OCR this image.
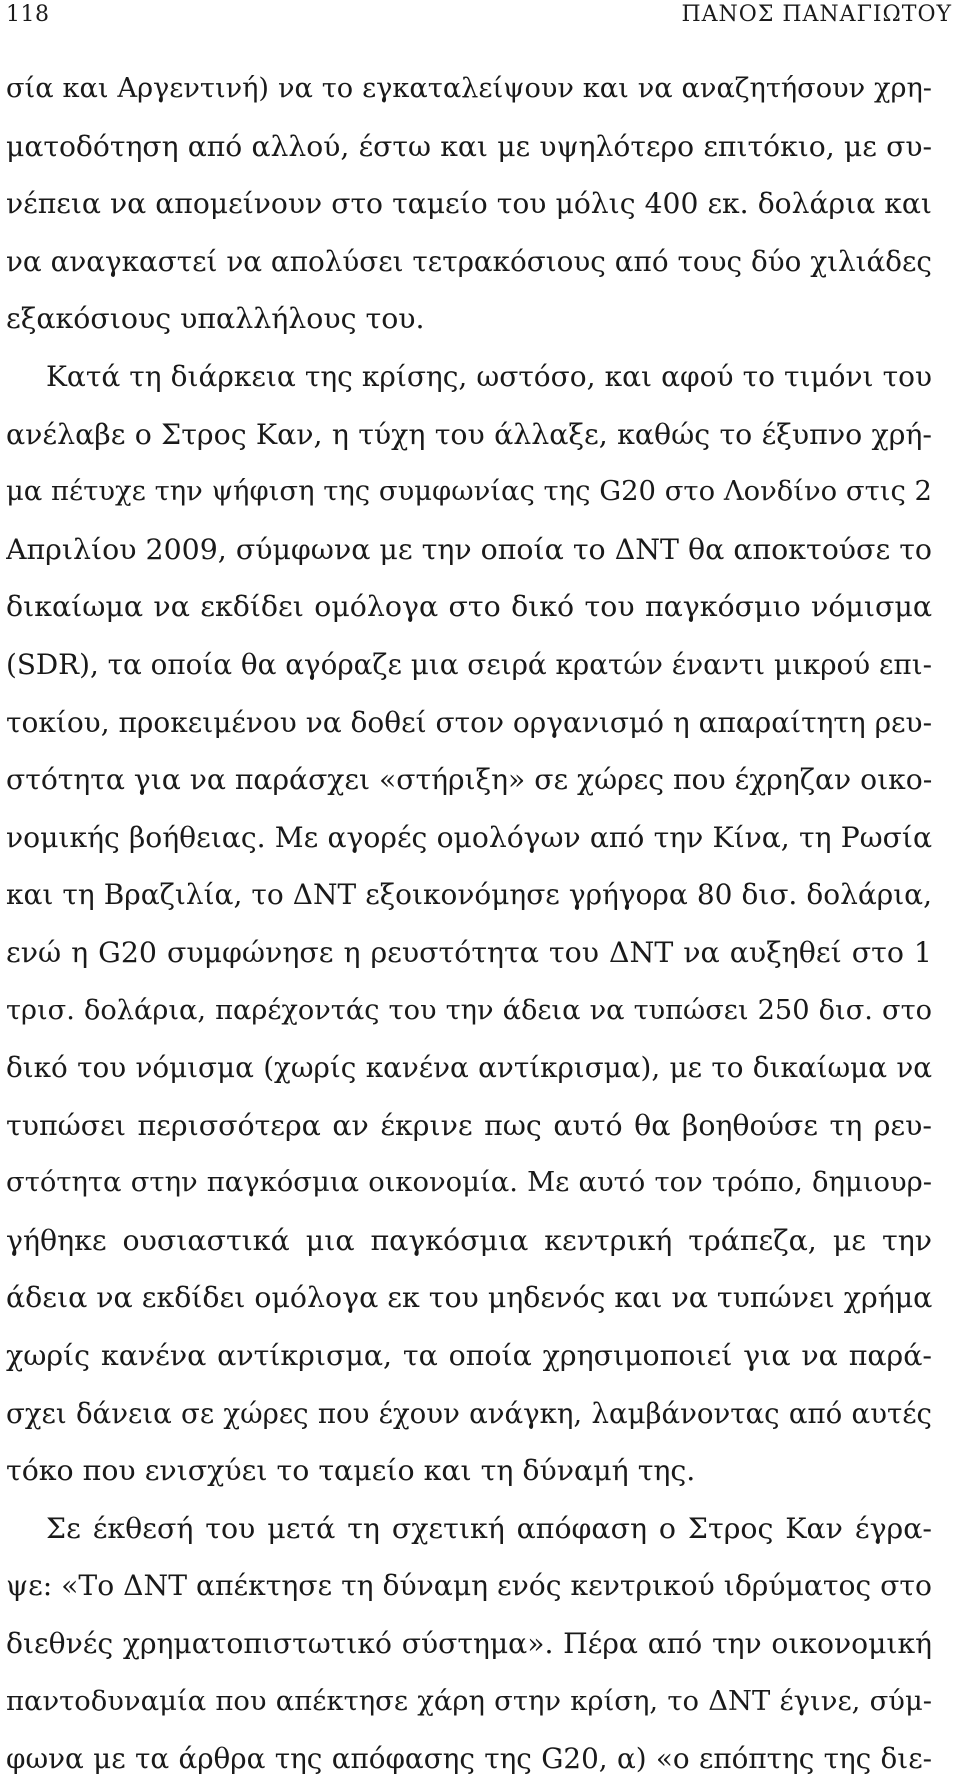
118	ΠΑΝΟΣ ΠΑΝΑΓΙΩΤΟΥ
σία και Αργεντινή) να το εγκαταλείψουν και να αναζητήσουν χρη-
ματοδότηση από αλλού, έστω και με υψηλότερο επιτόκιο, με συ-
νέπεια να απομείνουν στο ταμείο του μόλις 400 εκ. δολάρια και
να αναγκαστεί να απολύσει τετρακόσιους από τους δύο χιλιάδες
εξακόσιους υπαλλήλους του.
Κατά τη διάρκεια της κρίσης, ωστόσο, και αφού το τιμόνι του
ανέλαβε ο Στρος Καν, η τύχη του άλλαξε, καθώς το έξυπνο χρή-
μα πέτυχε την ψήφιση της συμφωνίας της G20 στο Λονδίνο στις 2
Απριλίου 2009, σύμφωνα με την οποία το ΔΝΤ θα αποκτούσε το
δικαίωμα να εκδίδει ομόλογα στο δικό του παγκόσμιο νόμισμα
(SDR), τα οποία θα αγόραζε μια σειρά κρατών έναντι μικρού επι-
τοκίου, προκειμένου να δοθεί στον οργανισμό η απαραίτητη ρευ-
στότητα για να παράσχει «στήριξη» σε χώρες που έχρηζαν οικο-
νομικής βοήθειας. Με αγορές ομολόγων από την Κίνα, τη Ρωσία
και τη Βραζιλία, το ΔΝΤ εξοικονόμησε γρήγορα 80 δισ. δολάρια,
ενώ η G20 συμφώνησε η ρευστότητα του ΔΝΤ να αυξηθεί στο 1
τρισ. δολάρια, παρέχοντάς του την άδεια να τυπώσει 250 δισ. στο
δικό του νόμισμα (χωρίς κανένα αντίκρισμα), με το δικαίωμα να
τυπώσει περισσότερα αν έκρινε πως αυτό θα βοηθούσε τη ρευ-
στότητα στην παγκόσμια οικονομία. Με αυτό τον τρόπο, δημιουρ-
γήθηκε ουσιαστικά μια παγκόσμια κεντρική τράπεζα, με την
άδεια να εκδίδει ομόλογα εκ του μηδενός και να τυπώνει χρήμα
χωρίς κανένα αντίκρισμα, τα οποία χρησιμοποιεί για να παρά-
σχει δάνεια σε χώρες που έχουν ανάγκη, λαμβάνοντας από αυτές
τόκο που ενισχύει το ταμείο και τη δύναμή της.
Σε έκθεσή του μετά τη σχετική απόφαση ο Στρος Καν έγρα-
ψε: «Το ΔΝΤ απέκτησε τη δύναμη ενός κεντρικού ιδρύματος στο
διεθνές χρηματοπιστωτικό σύστημα». Πέρα από την οικονομική
παντοδυναμία που απέκτησε χάρη στην κρίση, το ΔΝΤ έγινε, σύμ-
φωνα με τα άρθρα της απόφασης της G20, α) «ο επόπτης της διε-
